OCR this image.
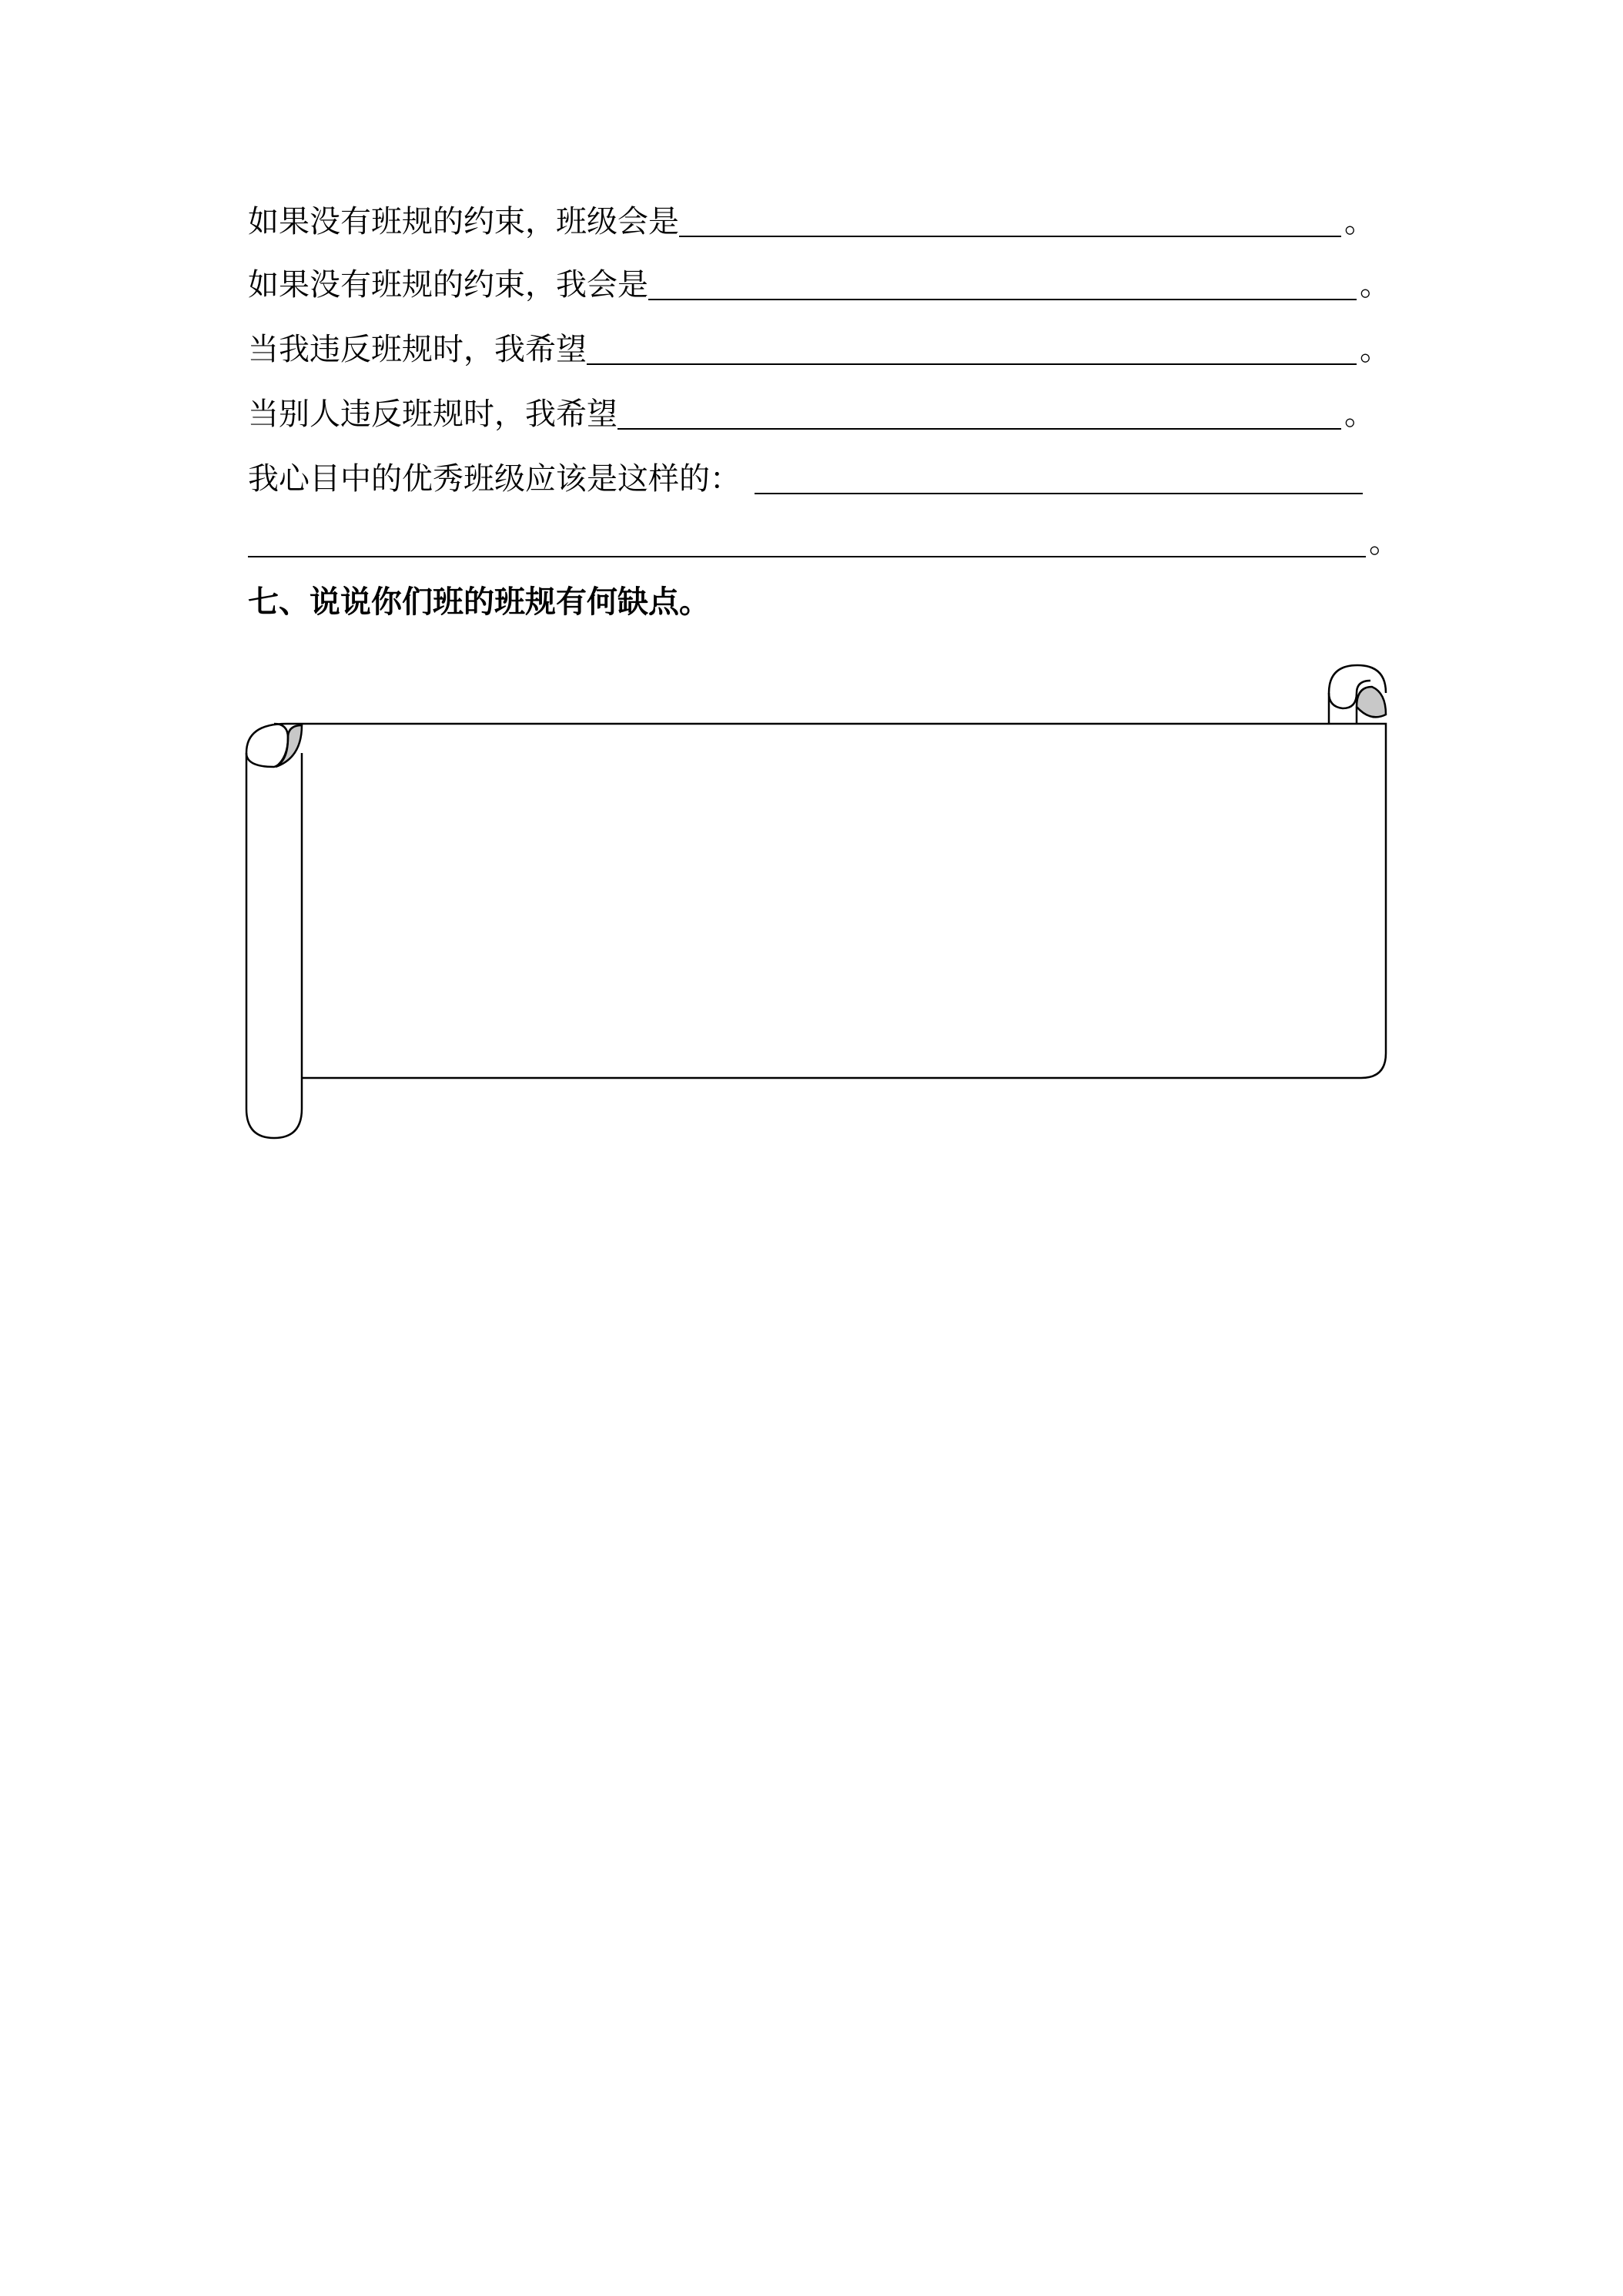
如果没有班规的约束，班级会是	。
如果没有班规的约束，我会是	。
当我违反班规时，我希望	。
当别人违反班规时，我希望	。
我心目中的优秀班级应该是这样的：
。
七、说说你们班的班规有何缺点。
